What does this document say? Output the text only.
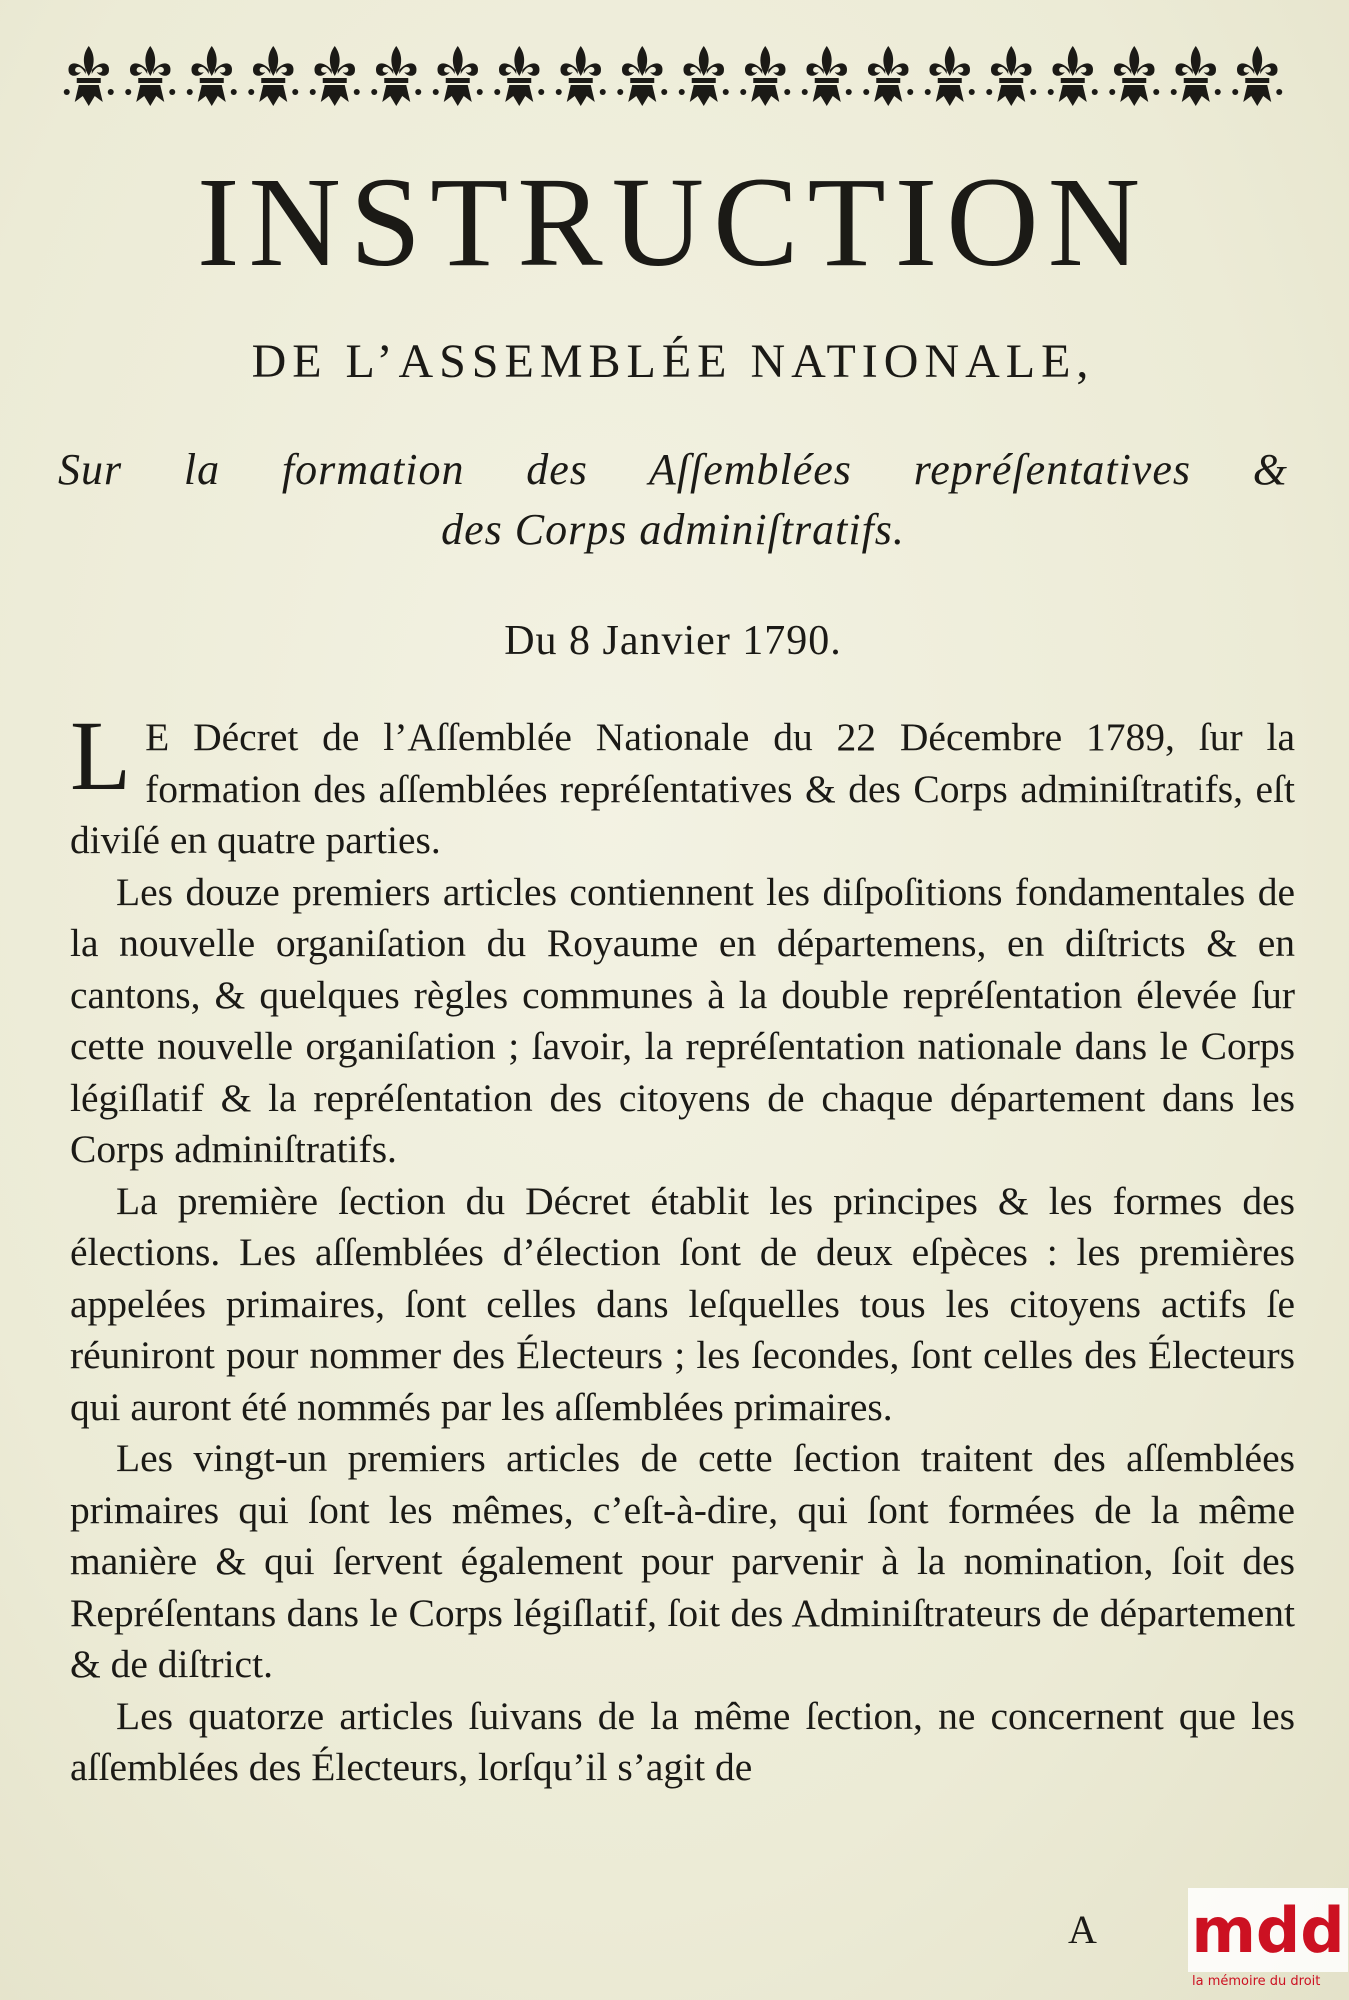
INSTRUCTION
DE L’ASSEMBLÉE NATIONALE,
Sur la formation des Aſſemblées repréſentatives &
des Corps adminiſtratifs.
Du 8 Janvier 1790.

L E Décret de l’Aſſemblée Nationale du 22 Décembre 1789, ſur la formation des aſſemblées repréſentatives & des Corps adminiſtratifs, eſt diviſé en quatre parties.

Les douze premiers articles contiennent les diſpoſitions fondamentales de la nouvelle organiſation du Royaume en départemens, en diſtricts & en cantons, & quelques règles communes à la double repréſentation élevée ſur cette nouvelle organiſation ; ſavoir, la repréſentation nationale dans le Corps légiſlatif & la repréſentation des citoyens de chaque département dans les Corps adminiſtratifs.

La première ſection du Décret établit les principes & les formes des élections. Les aſſemblées d’élection ſont de deux eſpèces : les premières appelées primaires, ſont celles dans leſquelles tous les citoyens actifs ſe réuniront pour nommer des Électeurs ; les ſecondes, ſont celles des Électeurs qui auront été nommés par les aſſemblées primaires.

Les vingt-un premiers articles de cette ſection traitent des aſſemblées primaires qui ſont les mêmes, c’eſt-à-dire, qui ſont formées de la même manière & qui ſervent également pour parvenir à la nomination, ſoit des Repréſentans dans le Corps légiſlatif, ſoit des Adminiſtrateurs de département & de diſtrict.

Les quatorze articles ſuivans de la même ſection, ne concernent que les aſſemblées des Électeurs, lorſqu’il s’agit de

A mdd
la mémoire du droit
